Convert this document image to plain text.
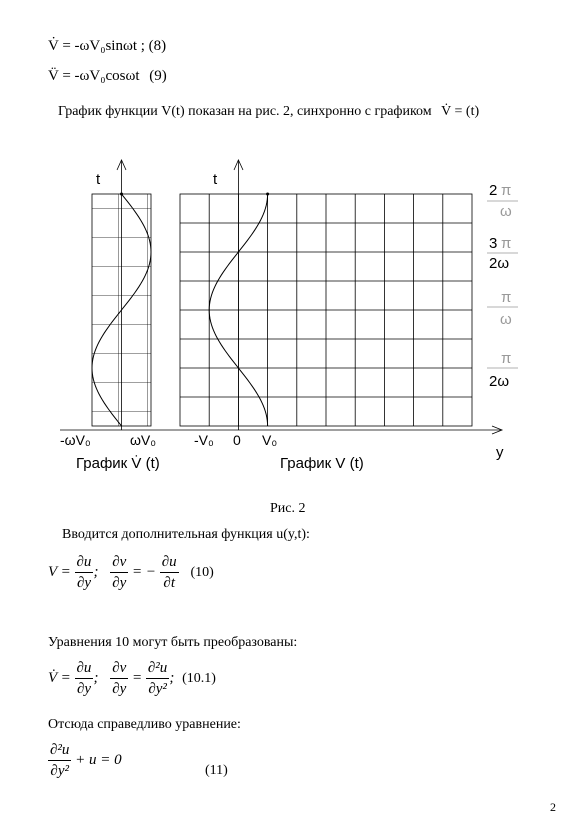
V̇ = -ωV₀sinωt ; (8)
V̈ = -ωV₀cosωt (9)
График функции V(t) показан на рис. 2, синхронно с графиком V̇ = (t)
t	t
y
-ωV₀	ωV₀	-V₀ 0 V₀
График V̇ (t)	График V (t)
2 π
ω
3 π
2ω
π
ω
π
2ω
Рис. 2
Вводится дополнительная функция u(y,t):
$V = \frac{\partial u}{\partial y}$ ; $\frac{\partial v}{\partial y}$ = − $\frac{\partial u}{\partial t} (10)$
Уравнения 10 могут быть преобразованы:
V̇ = $\frac{\partial u}{\partial y}$ ; $\frac{\partial v}{\partial y} = \frac{\text{∂²u}}{\text{∂y²}}$ ; (10.1)
Отсюда справедливо уравнение:
$\frac{\text{∂²u}}{\text{∂y²}} + u = 0$
(11)
2
